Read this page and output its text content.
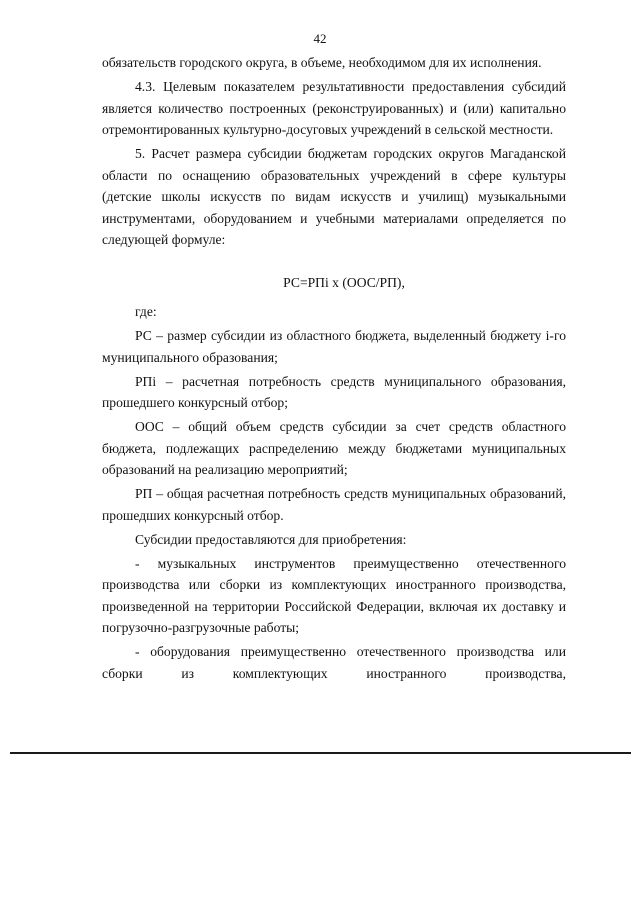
42

обязательств городского округа, в объеме, необходимом для их исполнения.

4.3. Целевым показателем результативности предоставления субсидий является количество построенных (реконструированных) и (или) капитально отремонтированных культурно-досуговых учреждений в сельской местности.

5. Расчет размера субсидии бюджетам городских округов Магаданской области по оснащению образовательных учреждений в сфере культуры (детские школы искусств по видам искусств и училищ) музыкальными инструментами, оборудованием и учебными материалами определяется по следующей формуле:

РС=РПi х (ООС/РП),

где:

РС – размер субсидии из областного бюджета, выделенный бюджету i-го муниципального образования;

РПi – расчетная потребность средств муниципального образования, прошедшего конкурсный отбор;

ООС – общий объем средств субсидии за счет средств областного бюджета, подлежащих распределению между бюджетами муниципальных образований на реализацию мероприятий;

РП – общая расчетная потребность средств муниципальных образований, прошедших конкурсный отбор.

Субсидии предоставляются для приобретения:

- музыкальных инструментов преимущественно отечественного производства или сборки из комплектующих иностранного производства, произведенной на территории Российской Федерации, включая их доставку и погрузочно-разгрузочные работы;

- оборудования преимущественно отечественного производства или сборки из комплектующих иностранного производства,
